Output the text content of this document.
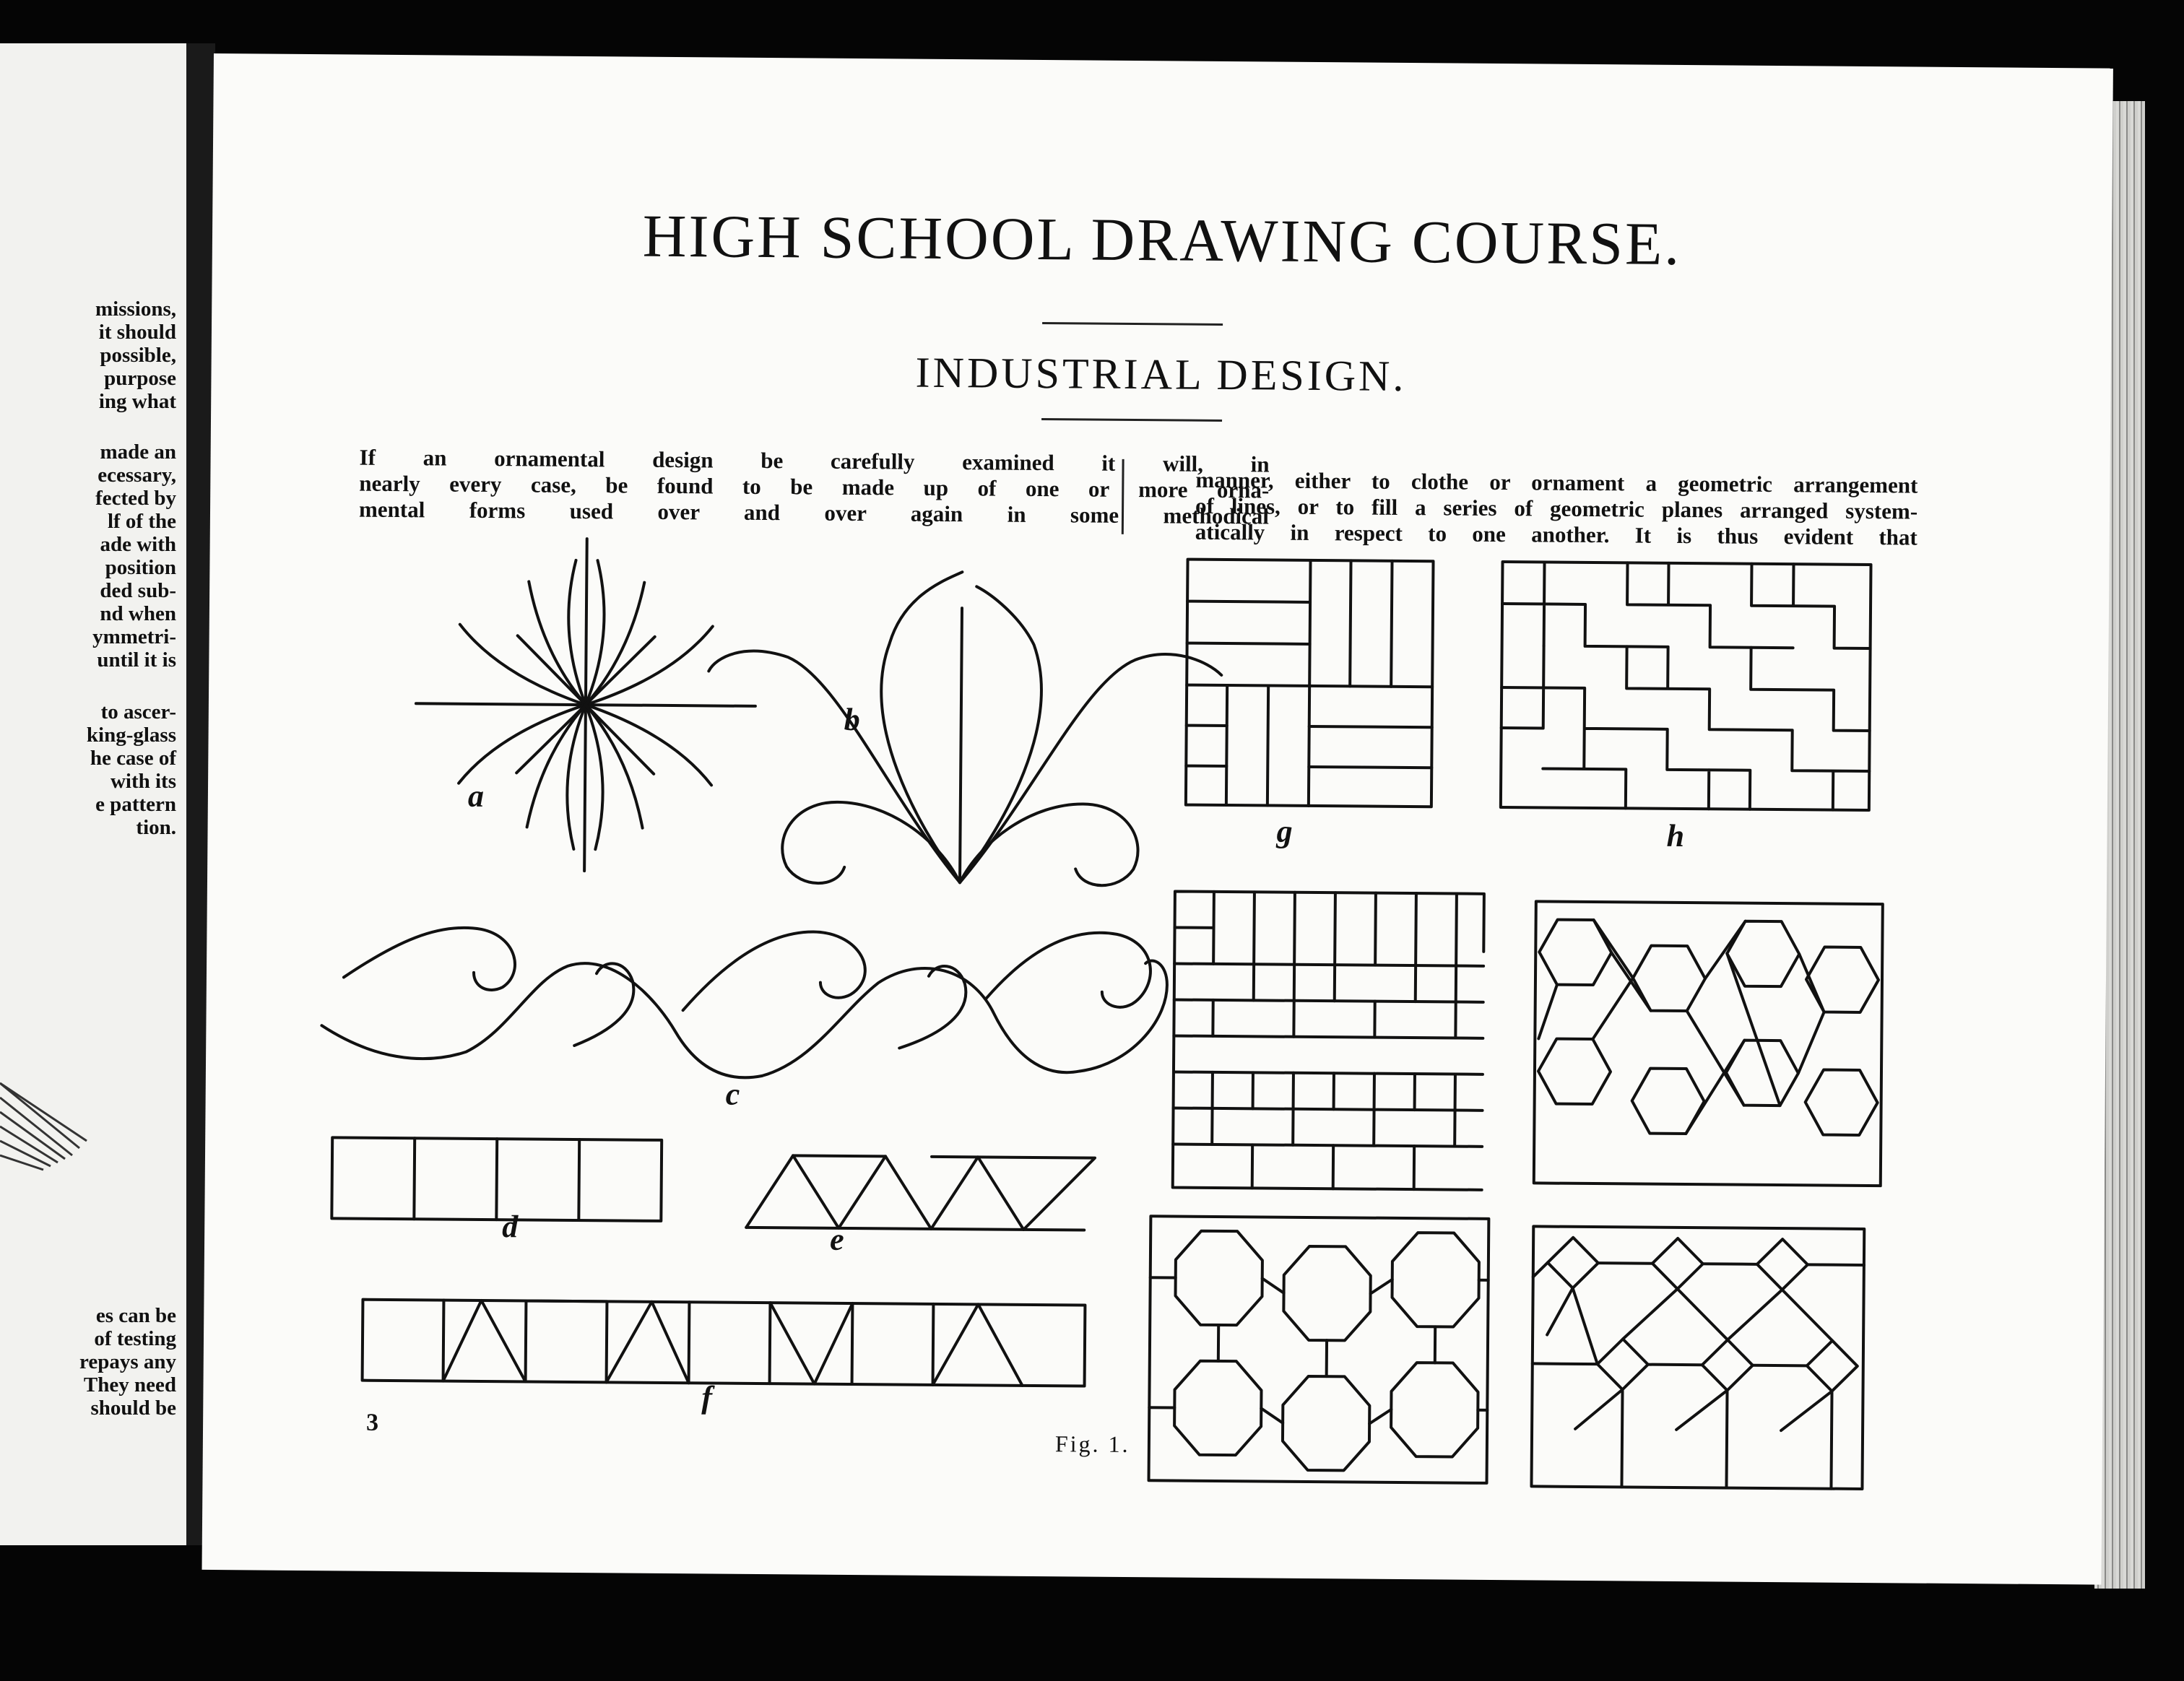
missions,
it should
possible,
purpose
ing what
made an
ecessary,
fected by
lf of the
ade with
position
ded sub-
nd when
ymmetri-
until it is
to ascer-
king-glass
he case of
with its
e pattern
tion.
es can be
of testing
repays any
They need
should be
HIGH SCHOOL DRAWING COURSE.
INDUSTRIAL DESIGN.
If an ornamental design be carefully examined it will, in
nearly every case, be found to be made up of one or more orna-
mental forms used over and over again in some methodical
manner, either to clothe or ornament a geometric arrangement
of lines, or to fill a series of geometric planes arranged system-
atically in respect to one another. It is thus evident that
a
b
c
d	e
f
g	h
3
Fig. 1.
